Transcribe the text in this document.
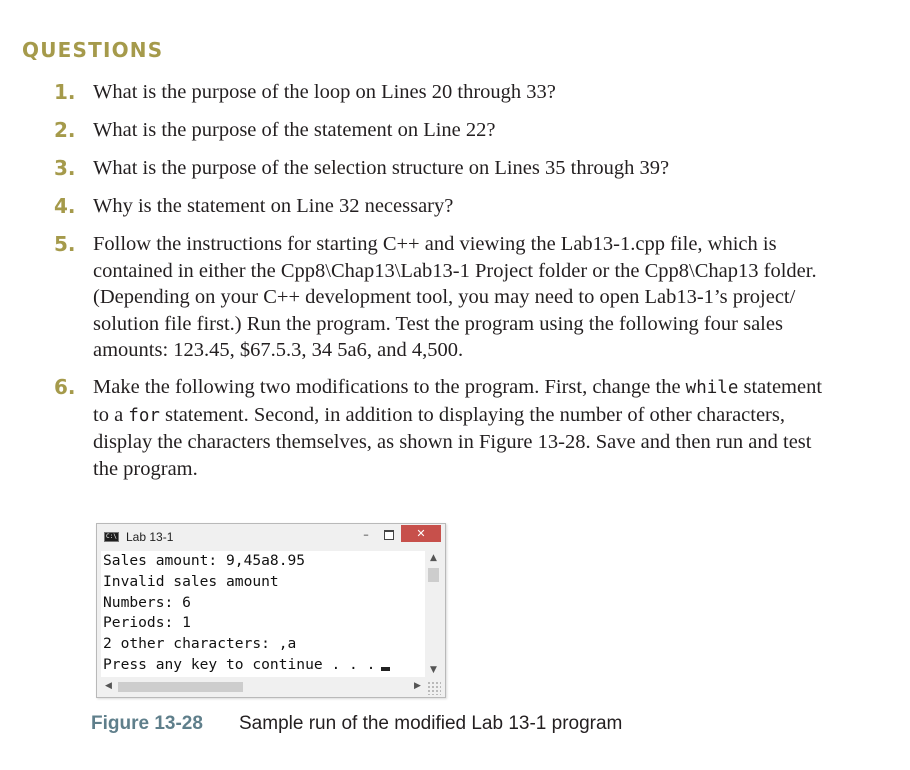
QUESTIONS
1. What is the purpose of the loop on Lines 20 through 33?
2. What is the purpose of the statement on Line 22?
3. What is the purpose of the selection structure on Lines 35 through 39?
4. Why is the statement on Line 32 necessary?
5. Follow the instructions for starting C++ and viewing the Lab13-1.cpp file, which is
contained in either the Cpp8\Chap13\Lab13-1 Project folder or the Cpp8\Chap13 folder.
(Depending on your C++ development tool, you may need to open Lab13-1’s project/
solution file first.) Run the program. Test the program using the following four sales
amounts: 123.45, $67.5.3, 34 5a6, and 4,500.
6. Make the following two modifications to the program. First, change the while statement
to a for statement. Second, in addition to displaying the number of other characters,
display the characters themselves, as shown in Figure 13-28. Save and then run and test
the program.
C:\ Lab 13-1	–	✕
Sales amount: 9,45a8.95
Invalid sales amount
Numbers: 6
Periods: 1
2 other characters: ,a
Press any key to continue . . .
▲
▼
◀	▶
Figure 13-28 Sample run of the modified Lab 13-1 program
